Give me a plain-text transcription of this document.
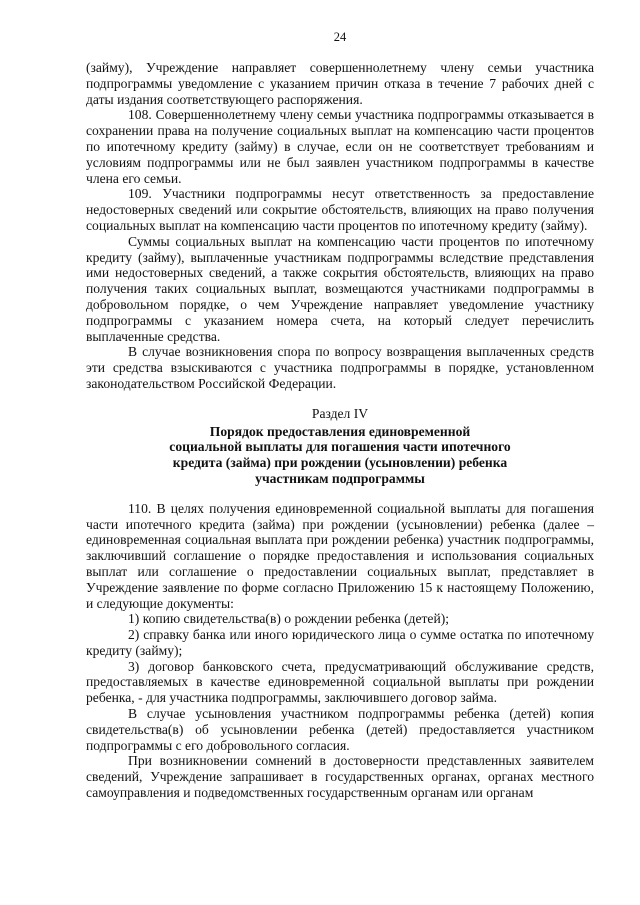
24

(займу), Учреждение направляет совершеннолетнему члену семьи участника подпрограммы уведомление с указанием причин отказа в течение 7 рабочих дней с даты издания соответствующего распоряжения.

108. Совершеннолетнему члену семьи участника подпрограммы отказывается в сохранении права на получение социальных выплат на компенсацию части процентов по ипотечному кредиту (займу) в случае, если он не соответствует требованиям и условиям подпрограммы или не был заявлен участником подпрограммы в качестве члена его семьи.

109. Участники подпрограммы несут ответственность за предоставление недостоверных сведений или сокрытие обстоятельств, влияющих на право получения социальных выплат на компенсацию части процентов по ипотечному кредиту (займу).

Суммы социальных выплат на компенсацию части процентов по ипотечному кредиту (займу), выплаченные участникам подпрограммы вследствие представления ими недостоверных сведений, а также сокрытия обстоятельств, влияющих на право получения таких социальных выплат, возмещаются участниками подпрограммы в добровольном порядке, о чем Учреждение направляет уведомление участнику подпрограммы с указанием номера счета, на который следует перечислить выплаченные средства.

В случае возникновения спора по вопросу возвращения выплаченных средств эти средства взыскиваются с участника подпрограммы в порядке, установленном законодательством Российской Федерации.

Раздел IV
Порядок предоставления единовременной
социальной выплаты для погашения части ипотечного
кредита (займа) при рождении (усыновлении) ребенка
участникам подпрограммы

110. В целях получения единовременной социальной выплаты для погашения части ипотечного кредита (займа) при рождении (усыновлении) ребенка (далее – единовременная социальная выплата при рождении ребенка) участник подпрограммы, заключивший соглашение о порядке предоставления и использования социальных выплат или соглашение о предоставлении социальных выплат, представляет в Учреждение заявление по форме согласно Приложению 15 к настоящему Положению, и следующие документы:

1) копию свидетельства(в) о рождении ребенка (детей);

2) справку банка или иного юридического лица о сумме остатка по ипотечному кредиту (займу);

3) договор банковского счета, предусматривающий обслуживание средств, предоставляемых в качестве единовременной социальной выплаты при рождении ребенка, - для участника подпрограммы, заключившего договор займа.

В случае усыновления участником подпрограммы ребенка (детей) копия свидетельства(в) об усыновлении ребенка (детей) предоставляется участником подпрограммы с его добровольного согласия.

При возникновении сомнений в достоверности представленных заявителем сведений, Учреждение запрашивает в государственных органах, органах местного самоуправления и подведомственных государственным органам или органам
